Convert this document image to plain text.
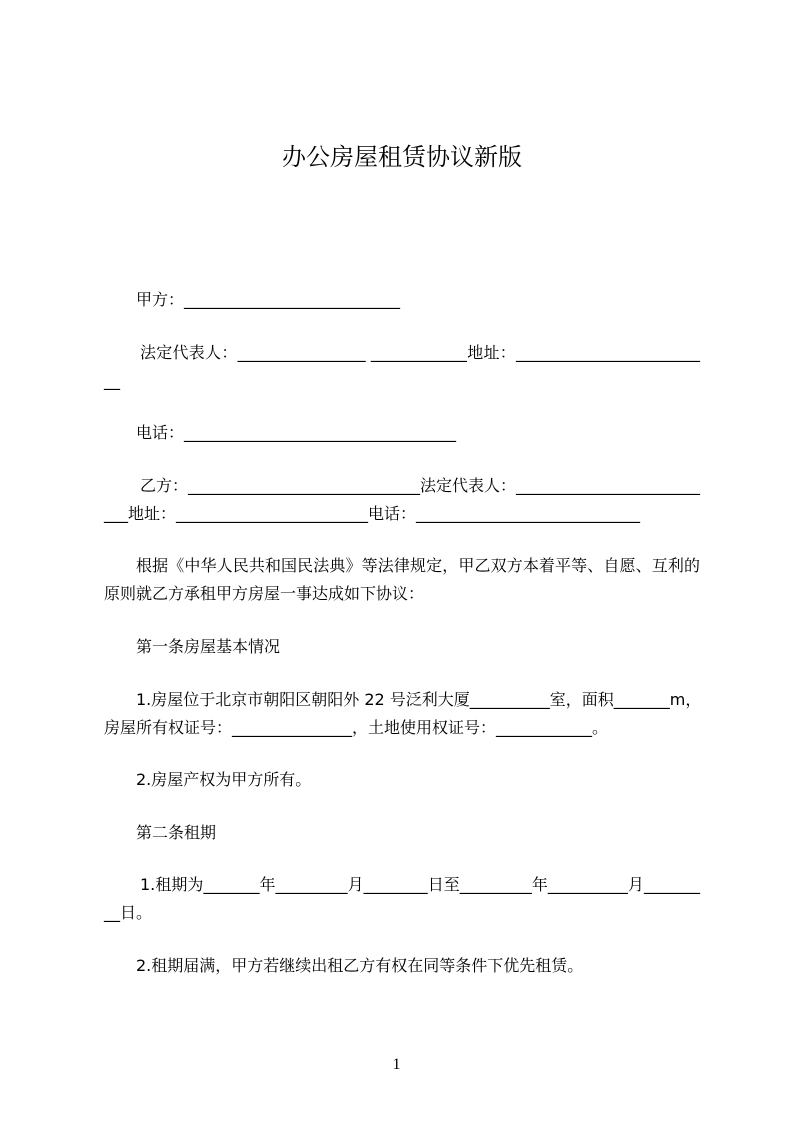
办公房屋租赁协议新版
甲方：___________________________
法定代表人：________________ ____________地址：_______________________
__
电话：__________________________________
乙方：_____________________________法定代表人：_______________________
___地址：________________________电话：____________________________
根据《中华人民共和国民法典》等法律规定，甲乙双方本着平等、自愿、互利的
原则就乙方承租甲方房屋一事达成如下协议：
第一条房屋基本情况
1.房屋位于北京市朝阳区朝阳外 22 号泛利大厦__________室，面积_______m，
房屋所有权证号：_______________，土地使用权证号：____________。
2.房屋产权为甲方所有。
第二条租期
1.租期为_______年_________月________日至_________年__________月_______
__日。
2.租期届满，甲方若继续出租乙方有权在同等条件下优先租赁。
1
